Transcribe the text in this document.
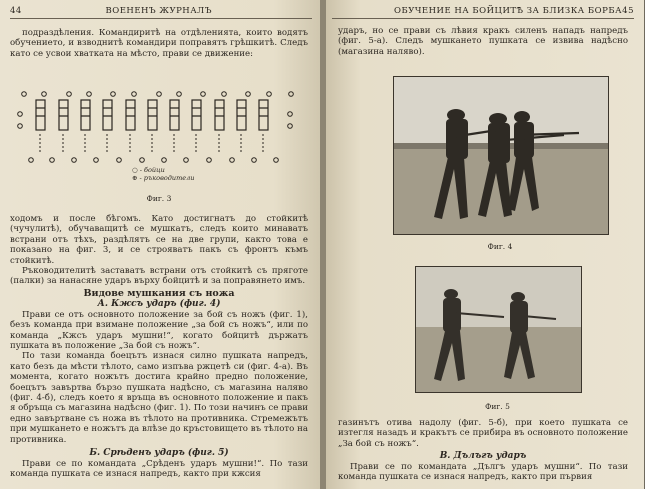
44	ВОЕНЕНЪ ЖУРНАЛЪ

подраздѣления. Командиритѣ на отдѣленията, които водятъ обучението, и взводнитѣ командири поправятъ грѣшкитѣ. Следъ като се усвои хватката на мѣсто, прави се движение:

○ - бойци
⊕ - ръководители
Фиг. 3

ходомъ и после бѣгомъ. Като достигнатъ до стойкитѣ (чучулитѣ), обучаващитѣ се мушкатъ, следъ които минаватъ встрани отъ тѣхъ, раздѣлятъ се на две групи, както това е показано на фиг. 3, и се строяватъ пакъ съ фронтъ къмъ стойкитѣ.

Ръководителитѣ заставатъ встрани отъ стойкитѣ съ пряготе (палки) за нанасяне ударъ върху бойцитѣ и за поправянето имъ.

Видове мушкания съ ножа

А. Кжсъ ударъ (фиг. 4)

Прави се отъ основното положение за бой съ ножъ (фиг. 1), безъ команда при взимане положение „за бой съ ножъ“, или по команда „Кжсъ ударъ мушни!“, когато бойцитѣ държатъ пушката въ положение „За бой съ ножъ“.

По тази команда боецътъ изнася силно пушката напредъ, като безъ да мѣсти тѣлото, само изпъва ржцетѣ си (фиг. 4-а). Въ момента, когато ножътъ достига крайно предно положение, боецътъ завъртва бързо пушката надѣсно, съ магазина наляво (фиг. 4-б), следъ което я връща въ основното положение и пакъ я обръща съ магазина надѣсно (фиг. 1). По този начинъ се прави едно завъртване съ ножа въ тѣлото на противника. Стремежътъ при мушкането е ножътъ да влѣзе до кръстовището въ тѣлото на противника.

Б. Срѣденъ ударъ (фиг. 5)

Прави се по командата „Срѣденъ ударъ мушни!“. По тази команда пушката се изнася напредъ, както при кжсия

ОБУЧЕНИЕ НА БОЙЦИТѢ ЗА БЛИЗКА БОРБА 45

ударъ, но се прави съ лѣвия кракъ силенъ нападъ напредъ (фиг. 5-а). Следъ мушкането пушката се извива надѣсно (магазина наляво).

Фиг. 4
Фиг. 5

газинътъ отива надолу (фиг. 5-б), при което пушката се изтегля назадъ и кракътъ се прибира въ основното положение „За бой съ ножъ“.

В. Дълъгъ ударъ

Прави се по командата „Дългъ ударъ мушни“. По тази команда пушката се изнася напредъ, както при първия
